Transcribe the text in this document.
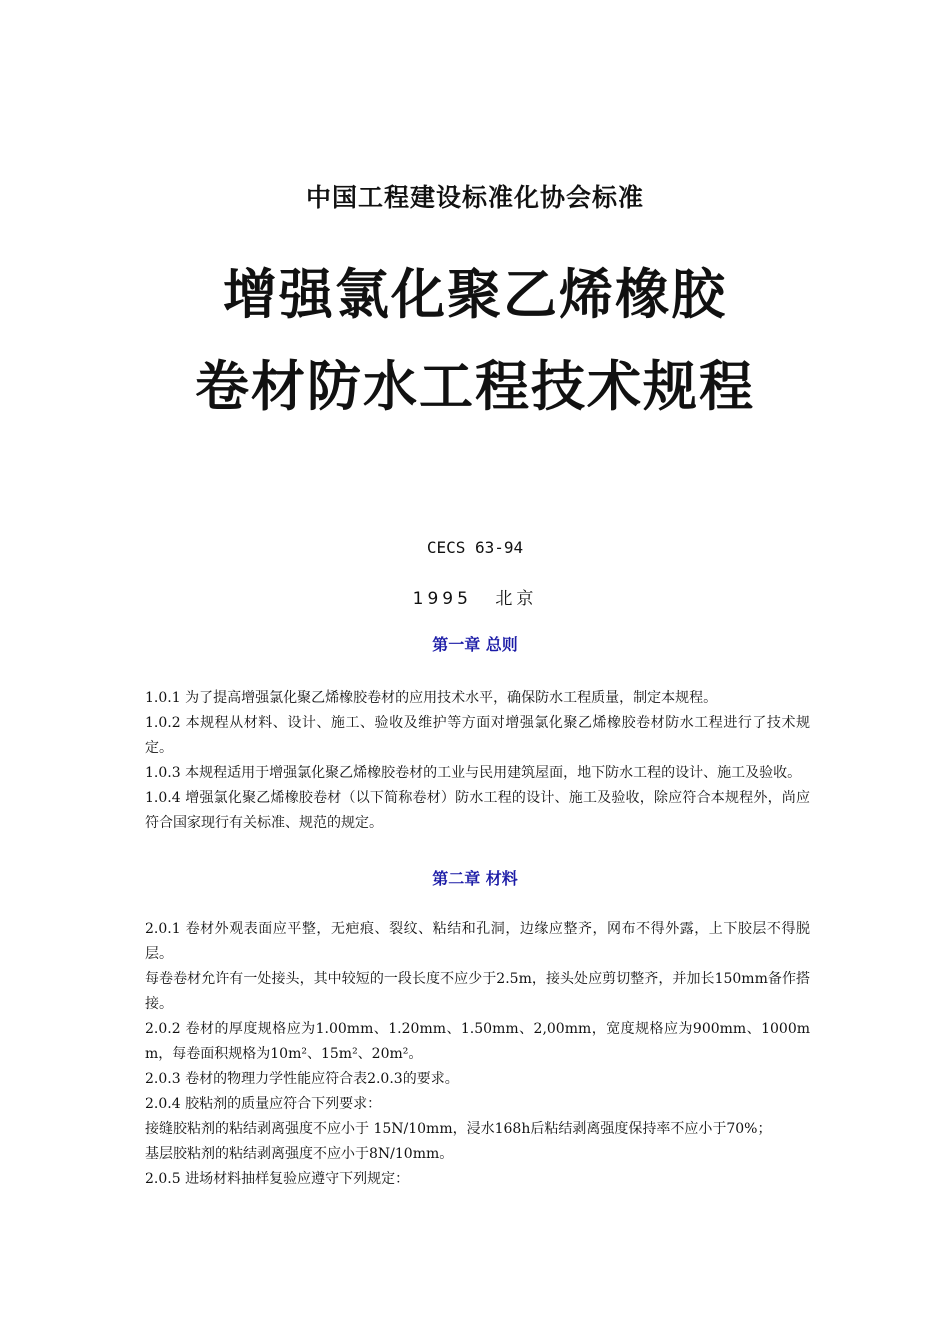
中国工程建设标准化协会标准
增强氯化聚乙烯橡胶
卷材防水工程技术规程
CECS 63-94
1995 北京
第一章 总则

1.0.1 为了提高增强氯化聚乙烯橡胶卷材的应用技术水平，确保防水工程质量，制定本规程。

1.0.2 本规程从材料、设计、施工、验收及维护等方面对增强氯化聚乙烯橡胶卷材防水工程进行了技术规定。

1.0.3 本规程适用于增强氯化聚乙烯橡胶卷材的工业与民用建筑屋面，地下防水工程的设计、施工及验收。

1.0.4 增强氯化聚乙烯橡胶卷材（以下简称卷材）防水工程的设计、施工及验收，除应符合本规程外，尚应符合国家现行有关标准、规范的规定。

第二章 材料

2.0.1 卷材外观表面应平整，无疤痕、裂纹、粘结和孔洞，边缘应整齐，网布不得外露，上下胶层不得脱层。

每卷卷材允许有一处接头，其中较短的一段长度不应少于2.5m，接头处应剪切整齐，并加长150mm备作搭接。

2.0.2 卷材的厚度规格应为1.00mm、1.20mm、1.50mm、2,00mm，宽度规格应为900mm、1000mm，每卷面积规格为10m²、15m²、20m²。

2.0.3 卷材的物理力学性能应符合表2.0.3的要求。

2.0.4 胶粘剂的质量应符合下列要求：

接缝胶粘剂的粘结剥离强度不应小于 15N/10mm，浸水168h后粘结剥离强度保持率不应小于70%；

基层胶粘剂的粘结剥离强度不应小于8N/10mm。

2.0.5 进场材料抽样复验应遵守下列规定：
